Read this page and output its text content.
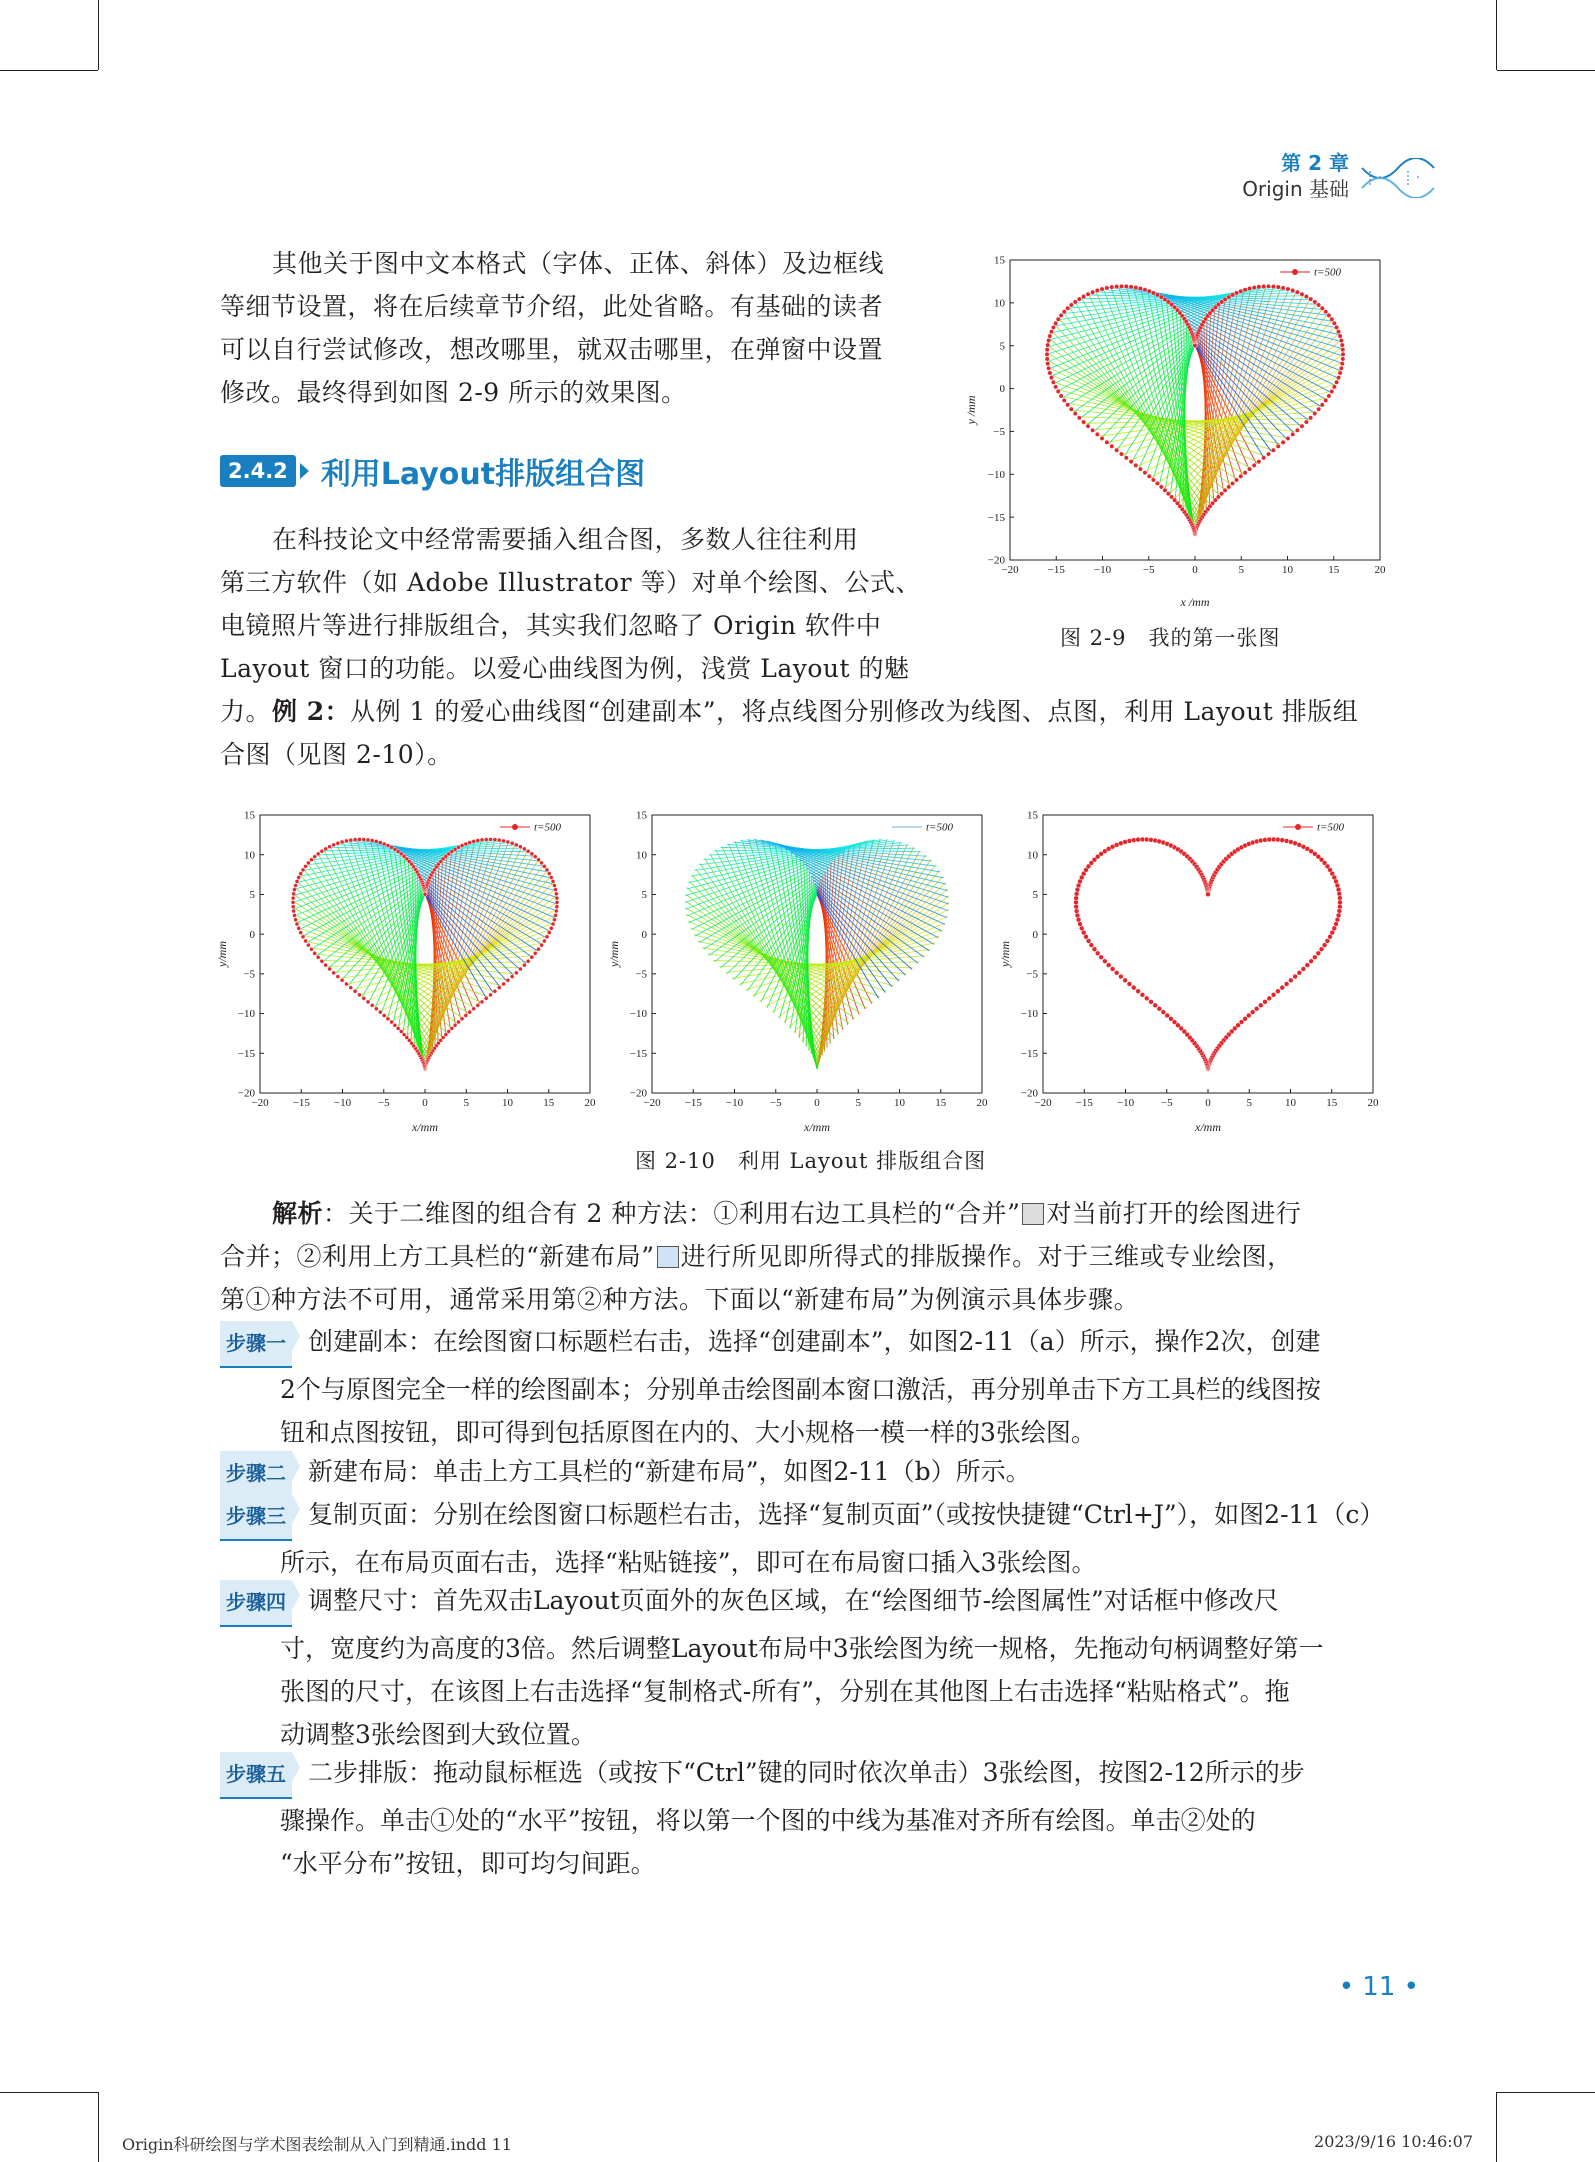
第 2 章
Origin 基础
其他关于图中文本格式（字体、正体、斜体）及边框线
等细节设置，将在后续章节介绍，此处省略。有基础的读者
可以自行尝试修改，想改哪里，就双击哪里，在弹窗中设置
修改。最终得到如图 2-9 所示的效果图。
2.4.2 利用Layout排版组合图
在科技论文中经常需要插入组合图，多数人往往利用
第三方软件（如 Adobe Illustrator 等）对单个绘图、公式、
电镜照片等进行排版组合，其实我们忽略了 Origin 软件中
Layout 窗口的功能。以爱心曲线图为例，浅赏 Layout 的魅力。 例 2：从例 1 的爱心曲线图“创建副本”，将点线图分别修改为线图、点图，利用 Layout 排版组
合图（见图 2-10）。
−20	−15	−10	−5	0	5	10	15	20
−20
−15
−10
−5
0
5
10
15
x /mm
y /mm
t=500
图 2-9　我的第一张图
−20 −15 −10 −5	0	5	10	15	20
−20
−15
−10
−5
0
5
10
15
x/mm
y/mm
t=500
−20 −15 −10 −5	0	5	10	15	20
−20
−15
−10
−5
0
5
10
15
x/mm
y/mm
t=500
−20 −15 −10 −5	0	5	10	15	20
−20
−15
−10
−5
0
5
10
15
x/mm
y/mm
t=500
图 2-10　利用 Layout 排版组合图
解析：关于二维图的组合有 2 种方法：①利用右边工具栏的“合并” 对当前打开的绘图进行
合并；②利用上方工具栏的“新建布局” 进行所见即所得式的排版操作。对于三维或专业绘图，
第①种方法不可用，通常采用第②种方法。下面以“新建布局”为例演示具体步骤。
步骤一 创建副本：在绘图窗口标题栏右击，选择“创建副本”，如图2-11（a）所示，操作2次，创建
2个与原图完全一样的绘图副本；分别单击绘图副本窗口激活，再分别单击下方工具栏的线图按
钮和点图按钮，即可得到包括原图在内的、大小规格一模一样的3张绘图。
步骤二 新建布局：单击上方工具栏的“新建布局”，如图2-11（b）所示。
步骤三 复制页面：分别在绘图窗口标题栏右击，选择“复制页面”（或按快捷键“Ctrl+J”），如图2-11（c）
所示，在布局页面右击，选择“粘贴链接”，即可在布局窗口插入3张绘图。
步骤四 调整尺寸：首先双击Layout页面外的灰色区域，在“绘图细节-绘图属性”对话框中修改尺
寸，宽度约为高度的3倍。然后调整Layout布局中3张绘图为统一规格，先拖动句柄调整好第一
张图的尺寸，在该图上右击选择“复制格式-所有”，分别在其他图上右击选择“粘贴格式”。拖
动调整3张绘图到大致位置。
步骤五 二步排版：拖动鼠标框选（或按下“Ctrl”键的同时依次单击）3张绘图，按图2-12所示的步
骤操作。单击①处的“水平”按钮，将以第一个图的中线为基准对齐所有绘图。单击②处的
“水平分布”按钮，即可均匀间距。
• 11 •
Origin科研绘图与学术图表绘制从入门到精通.indd 11	2023/9/16 10:46:07
